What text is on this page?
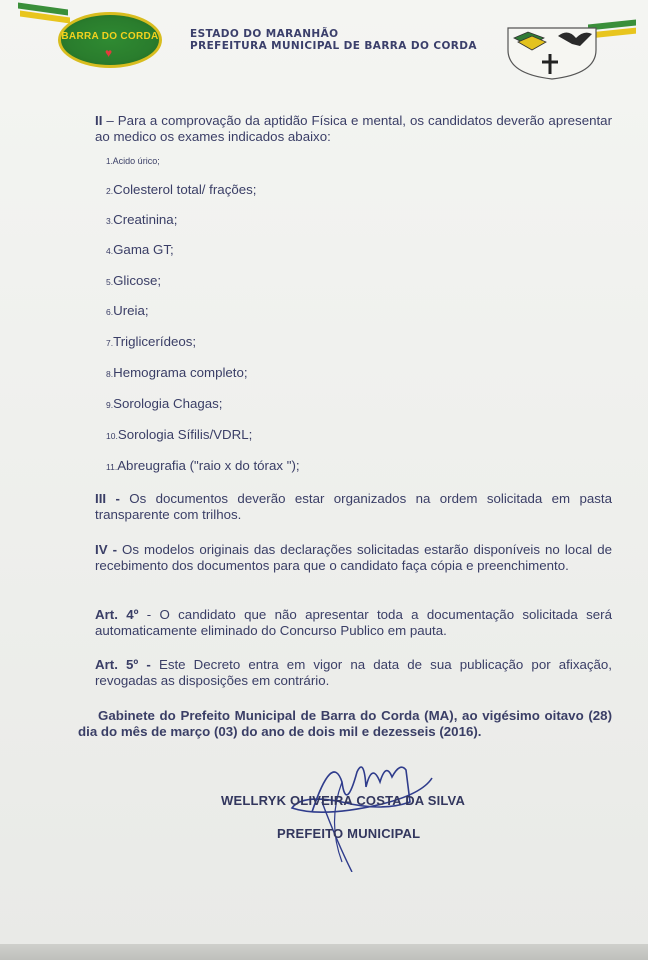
BARRA DO CORDA
♥
ESTADO DO MARANHÃO
PREFEITURA MUNICIPAL DE BARRA DO CORDA
II – Para a comprovação da aptidão Física e mental, os candidatos deverão apresentar ao medico os exames indicados abaixo:
1.Acido úrico;
2.Colesterol total/ frações;
3.Creatinina;
4.Gama GT;
5.Glicose;
6.Ureia;
7.Triglicerídeos;
8.Hemograma completo;
9.Sorologia Chagas;
10.Sorologia Sífilis/VDRL;
11.Abreugrafia ("raio x do tórax ");
III - Os documentos deverão estar organizados na ordem solicitada em pasta transparente com trilhos.
IV - Os modelos originais das declarações solicitadas estarão disponíveis no local de recebimento dos documentos para que o candidato faça cópia e preenchimento.
Art. 4º - O candidato que não apresentar toda a documentação solicitada será automaticamente eliminado do Concurso Publico em pauta.
Art. 5º - Este Decreto entra em vigor na data de sua publicação por afixação, revogadas as disposições em contrário.
Gabinete do Prefeito Municipal de Barra do Corda (MA), ao vigésimo oitavo (28) dia do mês de março (03) do ano de dois mil e dezesseis (2016).
WELLRYK OLIVEIRA COSTA DA SILVA
PREFEITO MUNICIPAL
